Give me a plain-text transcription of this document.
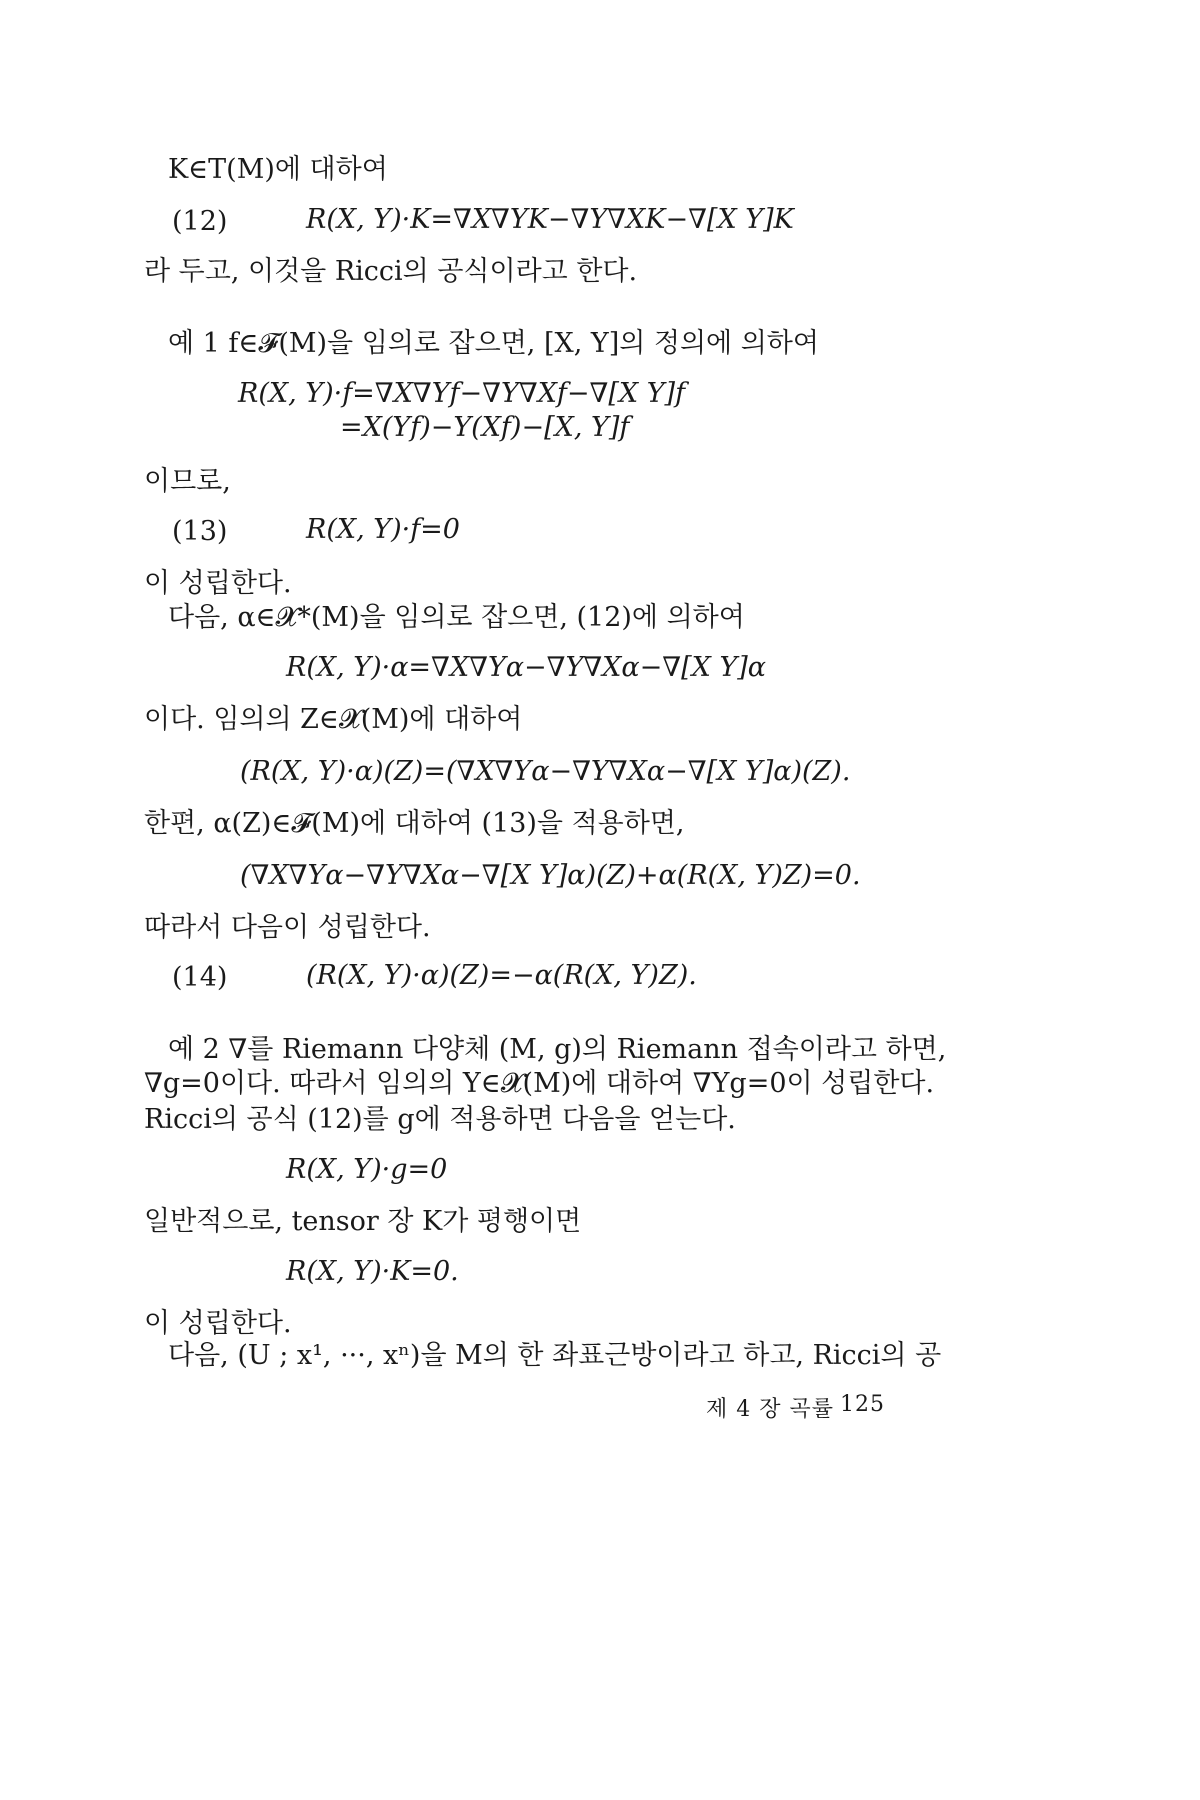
K∈T(M)에 대하여
(12)	R(X, Y)·K=∇X∇YK−∇Y∇XK−∇[X Y]K
라 두고, 이것을 Ricci의 공식이라고 한다.
예 1 f∈𝓕(M)을 임의로 잡으면, [X, Y]의 정의에 의하여
R(X, Y)·f=∇X∇Yf−∇Y∇Xf−∇[X Y]f
=X(Yf)−Y(Xf)−[X, Y]f
이므로,
(13)	R(X, Y)·f=0
이 성립한다.
다음, α∈𝓧*(M)을 임의로 잡으면, (12)에 의하여
R(X, Y)·α=∇X∇Yα−∇Y∇Xα−∇[X Y]α
이다. 임의의 Z∈𝓧(M)에 대하여
(R(X, Y)·α)(Z)=(∇X∇Yα−∇Y∇Xα−∇[X Y]α)(Z).
한편, α(Z)∈𝓕(M)에 대하여 (13)을 적용하면,
(∇X∇Yα−∇Y∇Xα−∇[X Y]α)(Z)+α(R(X, Y)Z)=0.
따라서 다음이 성립한다.
(14)	(R(X, Y)·α)(Z)=−α(R(X, Y)Z).
예 2 ∇를 Riemann 다양체 (M, g)의 Riemann 접속이라고 하면,
∇g=0이다. 따라서 임의의 Y∈𝓧(M)에 대하여 ∇Yg=0이 성립한다.
Ricci의 공식 (12)를 g에 적용하면 다음을 얻는다.
R(X, Y)·g=0
일반적으로, tensor 장 K가 평행이면
R(X, Y)·K=0.
이 성립한다.
다음, (U ; x¹, ···, xⁿ)을 M의 한 좌표근방이라고 하고, Ricci의 공
제 4 장 곡률 125
